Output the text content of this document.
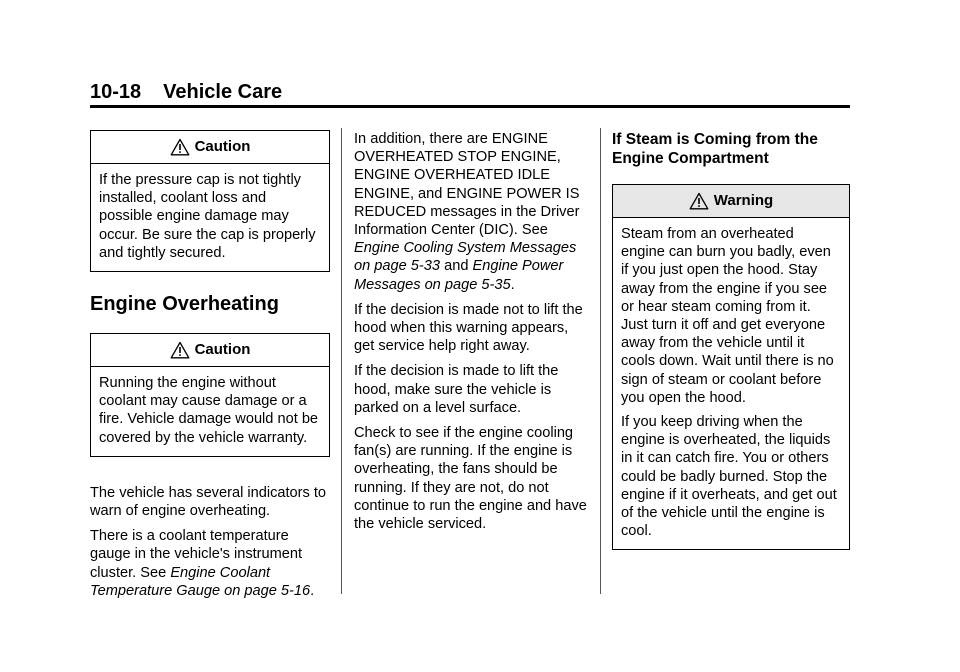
10-18 Vehicle Care
Caution

If the pressure cap is not tightly installed, coolant loss and possible engine damage may occur. Be sure the cap is properly and tightly secured.

Engine Overheating
Caution

Running the engine without coolant may cause damage or a fire. Vehicle damage would not be covered by the vehicle warranty.

The vehicle has several indicators to warn of engine overheating.

There is a coolant temperature gauge in the vehicle's instrument cluster. See Engine Coolant Temperature Gauge on page 5-16.

In addition, there are ENGINE OVERHEATED STOP ENGINE, ENGINE OVERHEATED IDLE ENGINE, and ENGINE POWER IS REDUCED messages in the Driver Information Center (DIC). See Engine Cooling System Messages on page 5-33 and Engine Power Messages on page 5-35.

If the decision is made not to lift the hood when this warning appears, get service help right away.

If the decision is made to lift the hood, make sure the vehicle is parked on a level surface.

Check to see if the engine cooling fan(s) are running. If the engine is overheating, the fans should be running. If they are not, do not continue to run the engine and have the vehicle serviced.

If Steam is Coming from the Engine Compartment
Warning

Steam from an overheated engine can burn you badly, even if you just open the hood. Stay away from the engine if you see or hear steam coming from it. Just turn it off and get everyone away from the vehicle until it cools down. Wait until there is no sign of steam or coolant before you open the hood.

If you keep driving when the engine is overheated, the liquids in it can catch fire. You or others could be badly burned. Stop the engine if it overheats, and get out of the vehicle until the engine is cool.
